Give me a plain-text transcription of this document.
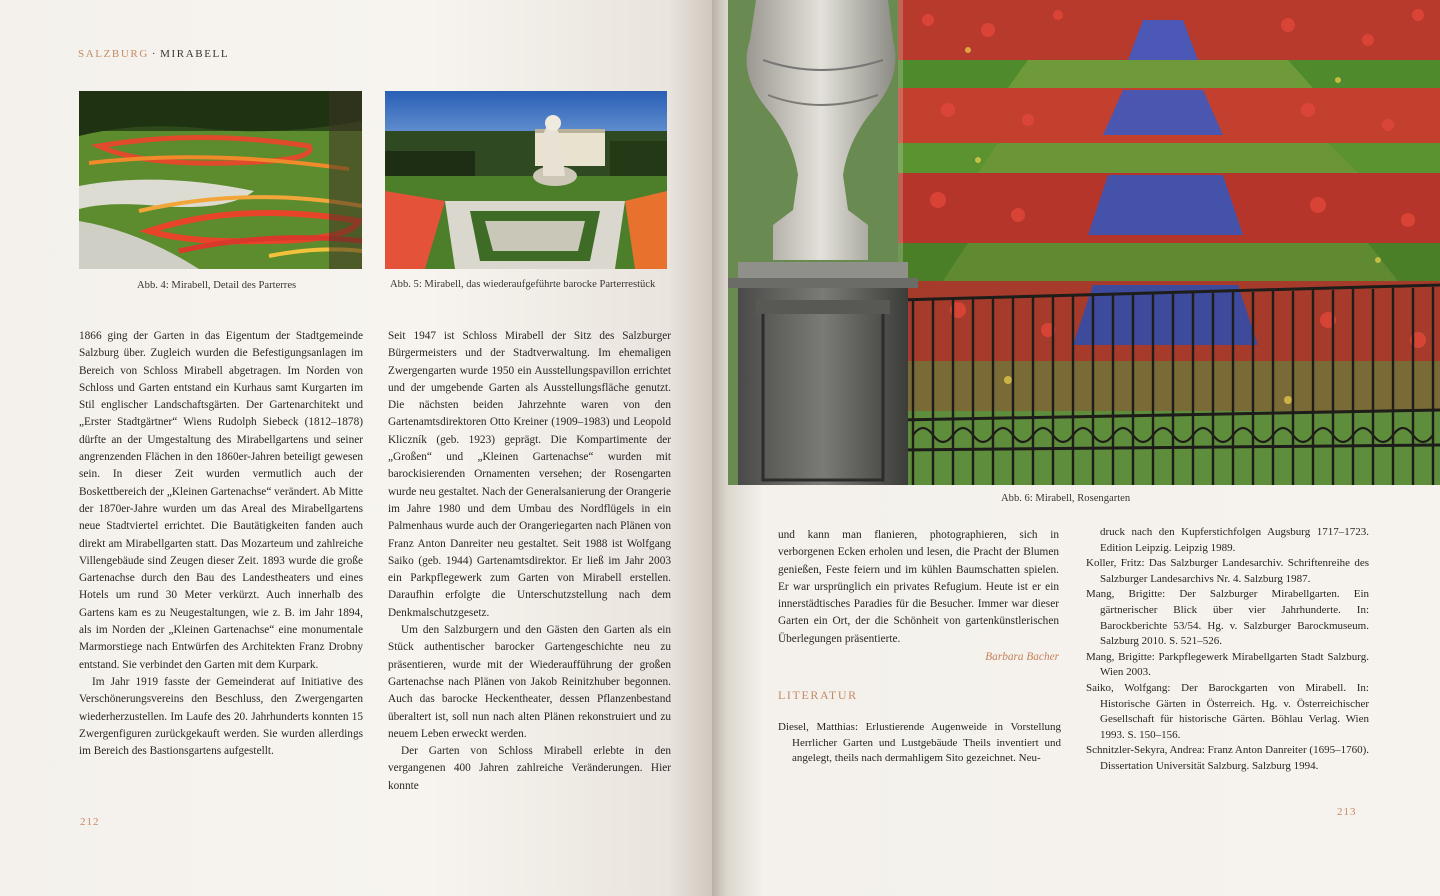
SALZBURG · MIRABELL
Abb. 4: Mirabell, Detail des Parterres	Abb. 5: Mirabell, das wiederaufgeführte barocke Parterrestück

1866 ging der Garten in das Eigentum der Stadtgemeinde Salzburg über. Zugleich wurden die Befestigungsanlagen im Bereich von Schloss Mirabell abgetragen. Im Norden von Schloss und Garten entstand ein Kurhaus samt Kurgarten im Stil englischer Landschaftsgärten. Der Gartenarchitekt und „Erster Stadtgärtner“ Wiens Rudolph Siebeck (1812–1878) dürfte an der Umgestaltung des Mirabellgartens und seiner angrenzenden Flächen in den 1860er-Jahren beteiligt gewesen sein. In dieser Zeit wurden vermutlich auch der Boskettbereich der „Kleinen Gartenachse“ verändert. Ab Mitte der 1870er-Jahre wurden um das Areal des Mirabellgartens neue Stadtviertel errichtet. Die Bautätigkeiten fanden auch direkt am Mirabellgarten statt. Das Mozarteum und zahlreiche Villengebäude sind Zeugen dieser Zeit. 1893 wurde die große Gartenachse durch den Bau des Landestheaters und eines Hotels um rund 30 Meter verkürzt. Auch innerhalb des Gartens kam es zu Neugestaltungen, wie z. B. im Jahr 1894, als im Norden der „Kleinen Gartenachse“ eine monumentale Marmorstiege nach Entwürfen des Architekten Franz Drobny entstand. Sie verbindet den Garten mit dem Kurpark.

Im Jahr 1919 fasste der Gemeinderat auf Initiative des Verschönerungsvereins den Beschluss, den Zwergengarten wiederherzustellen. Im Laufe des 20. Jahrhunderts konnten 15 Zwergenfiguren zurückgekauft werden. Sie wurden allerdings im Bereich des Bastionsgartens aufgestellt.

Seit 1947 ist Schloss Mirabell der Sitz des Salzburger Bürgermeisters und der Stadtverwaltung. Im ehemaligen Zwergengarten wurde 1950 ein Ausstellungspavillon errichtet und der umgebende Garten als Ausstellungsfläche genutzt. Die nächsten beiden Jahrzehnte waren von den Gartenamtsdirektoren Otto Kreiner (1909–1983) und Leopold Kliczník (geb. 1923) geprägt. Die Kompartimente der „Großen“ und „Kleinen Gartenachse“ wurden mit barockisierenden Ornamenten versehen; der Rosengarten wurde neu gestaltet. Nach der Generalsanierung der Orangerie im Jahre 1980 und dem Umbau des Nordflügels in ein Palmenhaus wurde auch der Orangeriegarten nach Plänen von Franz Anton Danreiter neu gestaltet. Seit 1988 ist Wolfgang Saiko (geb. 1944) Gartenamtsdirektor. Er ließ im Jahr 2003 ein Parkpflegewerk zum Garten von Mirabell erstellen. Daraufhin erfolgte die Unterschutzstellung nach dem Denkmalschutzgesetz.

Um den Salzburgern und den Gästen den Garten als ein Stück authentischer barocker Gartengeschichte neu zu präsentieren, wurde mit der Wiederaufführung der großen Gartenachse nach Plänen von Jakob Reinitzhuber begonnen. Auch das barocke Heckentheater, dessen Pflanzenbestand überaltert ist, soll nun nach alten Plänen rekonstruiert und zu neuem Leben erweckt werden.

Der Garten von Schloss Mirabell erlebte in den vergangenen 400 Jahren zahlreiche Veränderungen. Hier konnte

212
Abb. 6: Mirabell, Rosengarten

und kann man flanieren, photographieren, sich in verborgenen Ecken erholen und lesen, die Pracht der Blumen genießen, Feste feiern und im kühlen Baumschatten spielen. Er war ursprünglich ein privates Refugium. Heute ist er ein innerstädtisches Paradies für die Besucher. Immer war dieser Garten ein Ort, der die Schönheit von gartenkünstlerischen Überlegungen präsentierte.

Barbara Bacher

213
LITERATUR

Diesel, Matthias: Erlustierende Augenweide in Vorstellung Herrlicher Garten und Lustgebäude Theils inventiert und angelegt, theils nach dermahligem Sito gezeichnet. Neu-

druck nach den Kupferstichfolgen Augsburg 1717–1723. Edition Leipzig. Leipzig 1989.

Koller, Fritz: Das Salzburger Landesarchiv. Schriftenreihe des Salzburger Landesarchivs Nr. 4. Salzburg 1987.

Mang, Brigitte: Der Salzburger Mirabellgarten. Ein gärtnerischer Blick über vier Jahrhunderte. In: Barockberichte 53/54. Hg. v. Salzburger Barockmuseum. Salzburg 2010. S. 521–526.

Mang, Brigitte: Parkpflegewerk Mirabellgarten Stadt Salzburg. Wien 2003.

Saiko, Wolfgang: Der Barockgarten von Mirabell. In: Historische Gärten in Österreich. Hg. v. Österreichischer Gesellschaft für historische Gärten. Böhlau Verlag. Wien 1993. S. 150–156.

Schnitzler-Sekyra, Andrea: Franz Anton Danreiter (1695–1760). Dissertation Universität Salzburg. Salzburg 1994.
